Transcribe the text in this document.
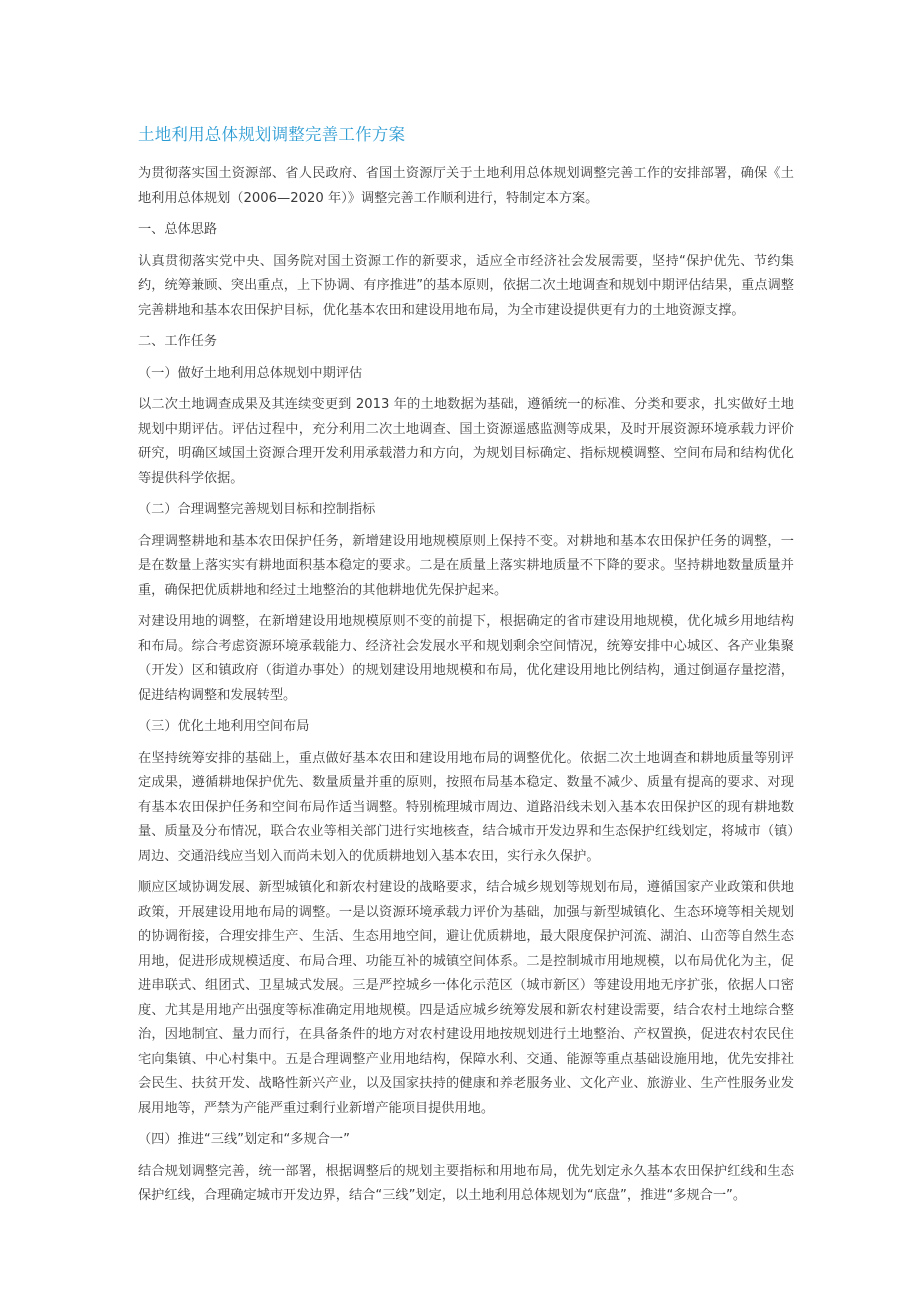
土地利用总体规划调整完善工作方案

为贯彻落实国土资源部、省人民政府、省国土资源厅关于土地利用总体规划调整完善工作的安排部署，确保《土地利用总体规划（2006—2020 年）》调整完善工作顺利进行，特制定本方案。

一、总体思路

认真贯彻落实党中央、国务院对国土资源工作的新要求，适应全市经济社会发展需要，坚持“保护优先、节约集约，统筹兼顾、突出重点，上下协调、有序推进”的基本原则，依据二次土地调查和规划中期评估结果，重点调整完善耕地和基本农田保护目标，优化基本农田和建设用地布局，为全市建设提供更有力的土地资源支撑。

二、工作任务

（一）做好土地利用总体规划中期评估

以二次土地调查成果及其连续变更到 2013 年的土地数据为基础，遵循统一的标准、分类和要求，扎实做好土地规划中期评估。评估过程中，充分利用二次土地调查、国土资源遥感监测等成果，及时开展资源环境承载力评价研究，明确区域国土资源合理开发利用承载潜力和方向，为规划目标确定、指标规模调整、空间布局和结构优化等提供科学依据。

（二）合理调整完善规划目标和控制指标

合理调整耕地和基本农田保护任务，新增建设用地规模原则上保持不变。对耕地和基本农田保护任务的调整，一是在数量上落实实有耕地面积基本稳定的要求。二是在质量上落实耕地质量不下降的要求。坚持耕地数量质量并重，确保把优质耕地和经过土地整治的其他耕地优先保护起来。

对建设用地的调整，在新增建设用地规模原则不变的前提下，根据确定的省市建设用地规模，优化城乡用地结构和布局。综合考虑资源环境承载能力、经济社会发展水平和规划剩余空间情况，统筹安排中心城区、各产业集聚（开发）区和镇政府（街道办事处）的规划建设用地规模和布局，优化建设用地比例结构，通过倒逼存量挖潜，促进结构调整和发展转型。

（三）优化土地利用空间布局

在坚持统筹安排的基础上，重点做好基本农田和建设用地布局的调整优化。依据二次土地调查和耕地质量等别评定成果，遵循耕地保护优先、数量质量并重的原则，按照布局基本稳定、数量不减少、质量有提高的要求、对现有基本农田保护任务和空间布局作适当调整。特别梳理城市周边、道路沿线未划入基本农田保护区的现有耕地数量、质量及分布情况，联合农业等相关部门进行实地核查，结合城市开发边界和生态保护红线划定，将城市（镇）周边、交通沿线应当划入而尚未划入的优质耕地划入基本农田，实行永久保护。

顺应区域协调发展、新型城镇化和新农村建设的战略要求，结合城乡规划等规划布局，遵循国家产业政策和供地政策，开展建设用地布局的调整。一是以资源环境承载力评价为基础，加强与新型城镇化、生态环境等相关规划的协调衔接，合理安排生产、生活、生态用地空间，避让优质耕地，最大限度保护河流、湖泊、山峦等自然生态用地，促进形成规模适度、布局合理、功能互补的城镇空间体系。二是控制城市用地规模，以布局优化为主，促进串联式、组团式、卫星城式发展。三是严控城乡一体化示范区（城市新区）等建设用地无序扩张，依据人口密度、尤其是用地产出强度等标准确定用地规模。四是适应城乡统筹发展和新农村建设需要，结合农村土地综合整治，因地制宜、量力而行，在具备条件的地方对农村建设用地按规划进行土地整治、产权置换，促进农村农民住宅向集镇、中心村集中。五是合理调整产业用地结构，保障水利、交通、能源等重点基础设施用地，优先安排社会民生、扶贫开发、战略性新兴产业，以及国家扶持的健康和养老服务业、文化产业、旅游业、生产性服务业发展用地等，严禁为产能严重过剩行业新增产能项目提供用地。

（四）推进“三线”划定和“多规合一”

结合规划调整完善，统一部署，根据调整后的规划主要指标和用地布局，优先划定永久基本农田保护红线和生态保护红线，合理确定城市开发边界，结合“三线”划定，以土地利用总体规划为“底盘”，推进“多规合一”。
